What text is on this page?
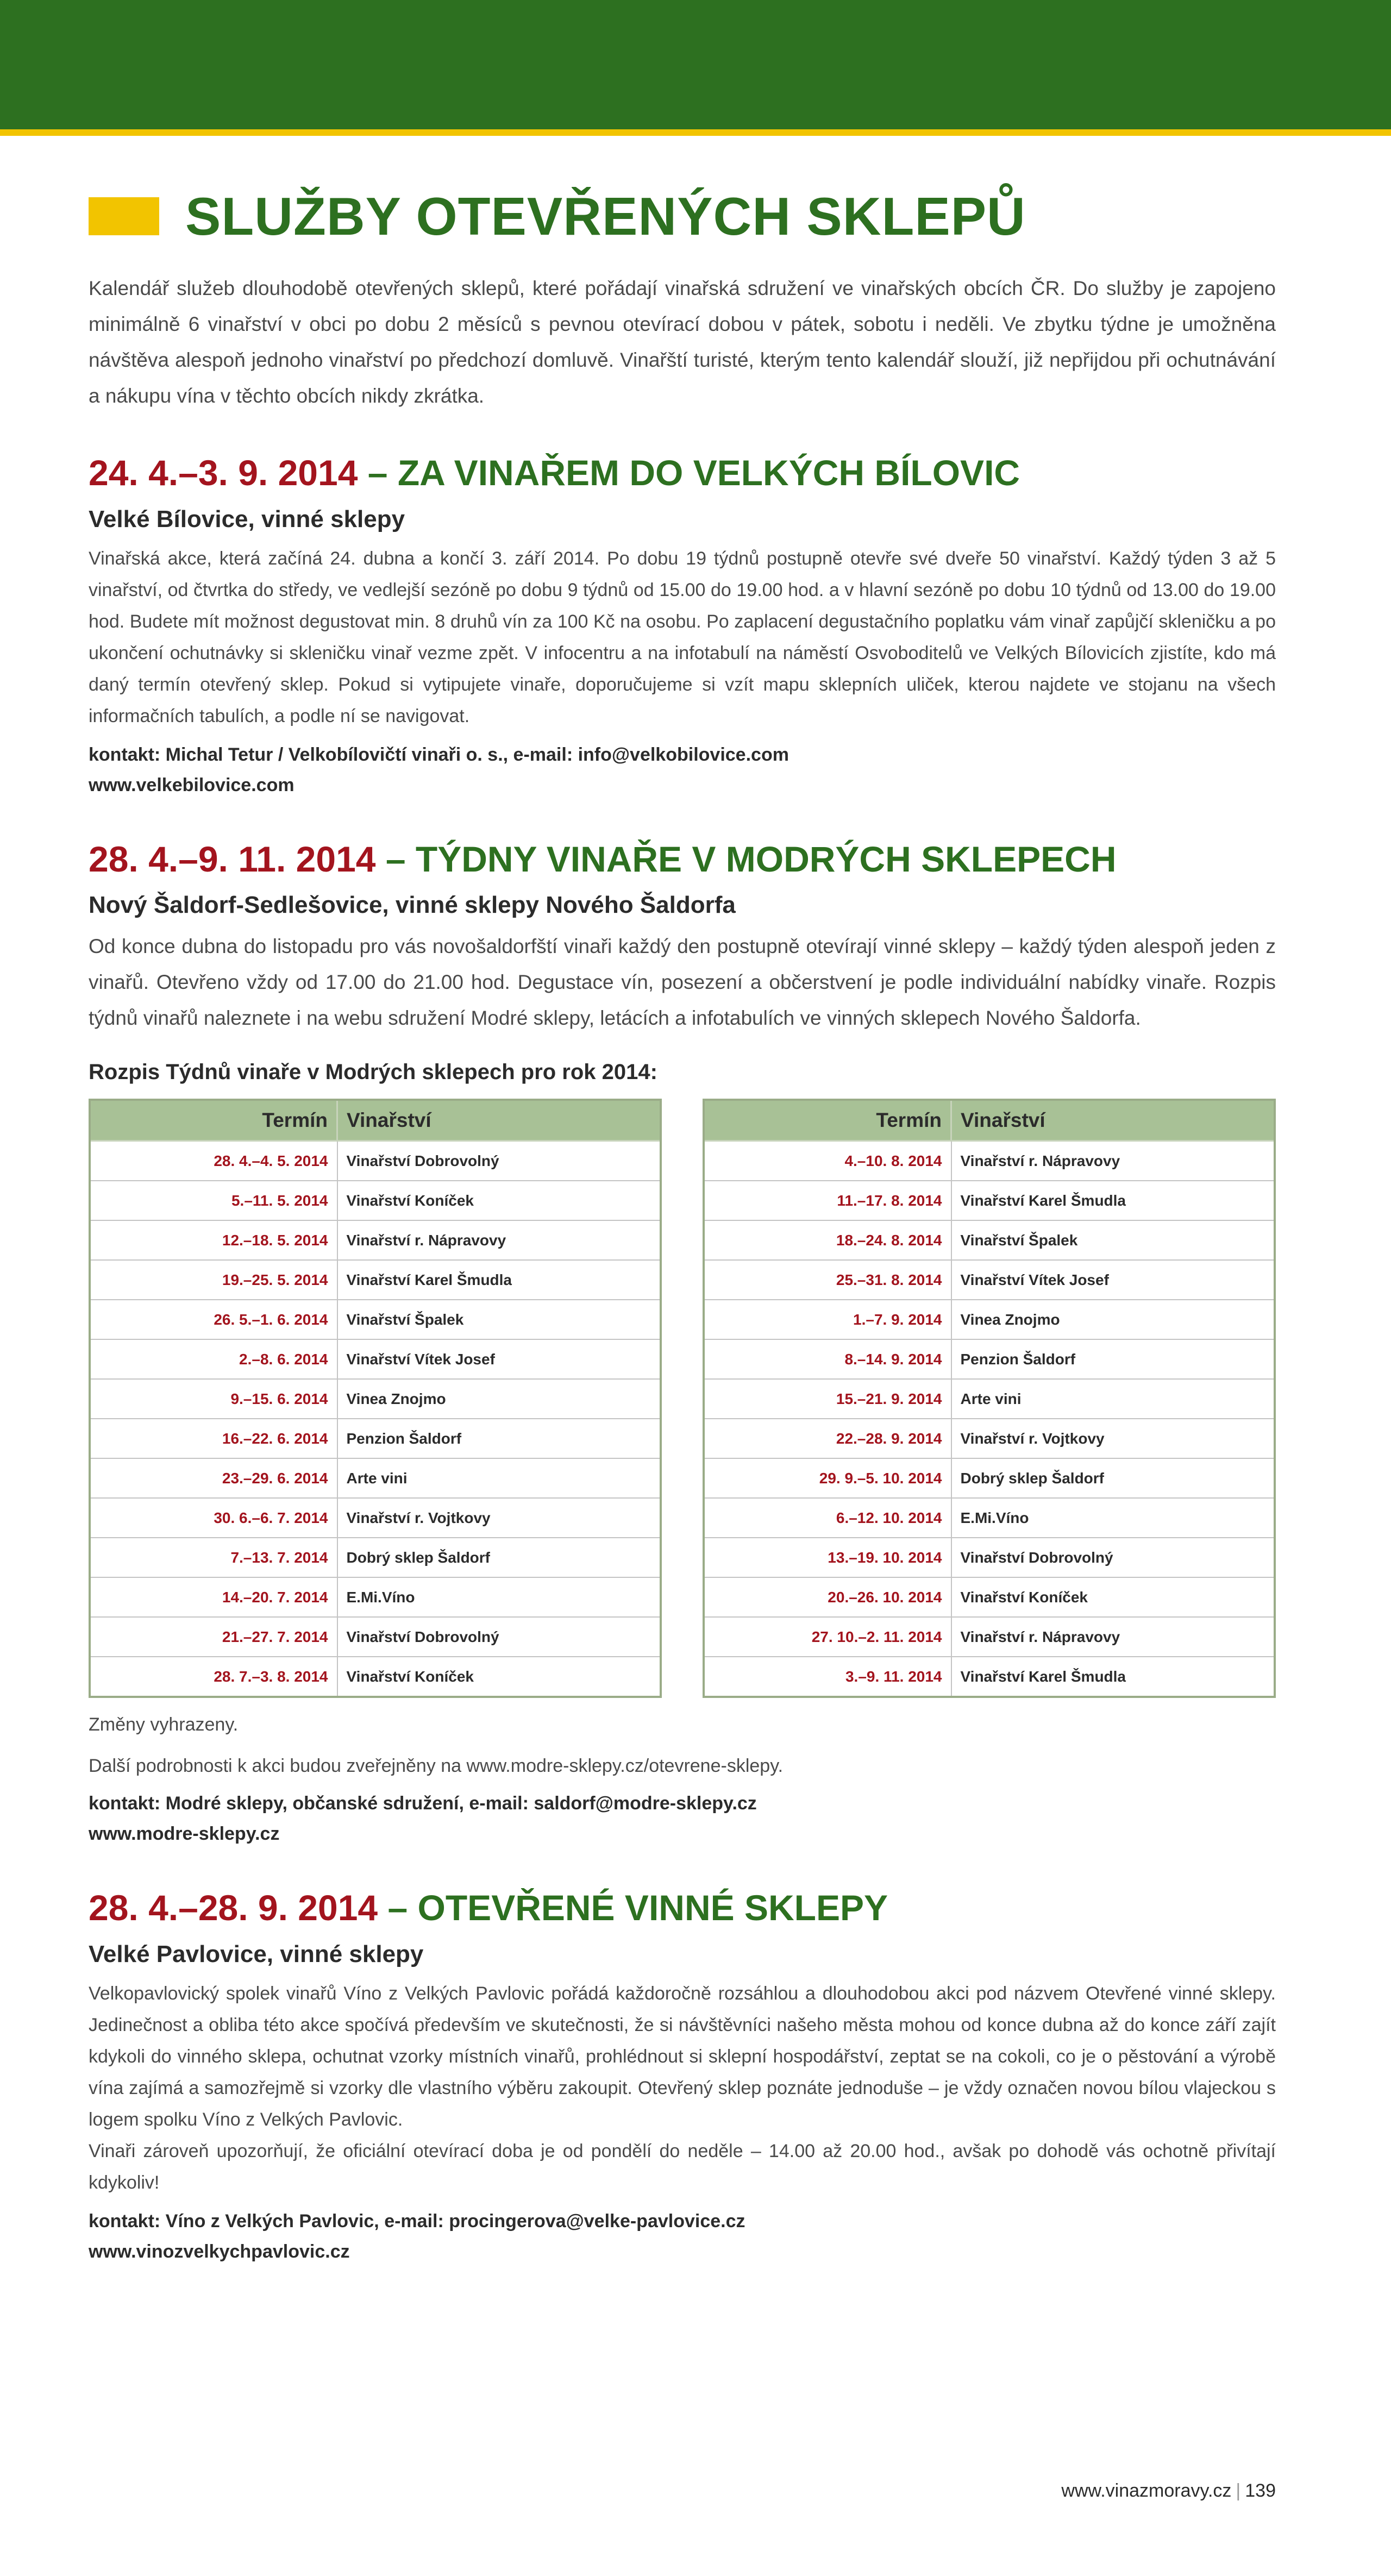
SLUŽBY OTEVŘENÝCH SKLEPŮ

Kalendář služeb dlouhodobě otevřených sklepů, které pořádají vinařská sdružení ve vinařských obcích ČR. Do služby je zapojeno minimálně 6 vinařství v obci po dobu 2 měsíců s pevnou otevírací dobou v pátek, sobotu i neděli. Ve zbytku týdne je umožněna návštěva alespoň jednoho vinařství po předchozí domluvě. Vinařští turisté, kterým tento kalendář slouží, již nepřijdou při ochutnávání a nákupu vína v těchto obcích nikdy zkrátka.

24. 4.–3. 9. 2014 – ZA VINAŘEM DO VELKÝCH BÍLOVIC
Velké Bílovice, vinné sklepy

Vinařská akce, která začíná 24. dubna a končí 3. září 2014. Po dobu 19 týdnů postupně otevře své dveře 50 vinařství. Každý týden 3 až 5 vinařství, od čtvrtka do středy, ve vedlejší sezóně po dobu 9 týdnů od 15.00 do 19.00 hod. a v hlavní sezóně po dobu 10 týdnů od 13.00 do 19.00 hod. Budete mít možnost degustovat min. 8 druhů vín za 100 Kč na osobu. Po zaplacení degustačního poplatku vám vinař zapůjčí skleničku a po ukončení ochutnávky si skleničku vinař vezme zpět. V infocentru a na infotabulí na náměstí Osvoboditelů ve Velkých Bílovicích zjistíte, kdo má daný termín otevřený sklep. Pokud si vytipujete vinaře, doporučujeme si vzít mapu sklepních uliček, kterou najdete ve stojanu na všech informačních tabulích, a podle ní se navigovat.

kontakt: Michal Tetur / Velkobílovičtí vinaři o. s., e-mail: info@velkobilovice.com
www.velkebilovice.com
28. 4.–9. 11. 2014 – TÝDNY VINAŘE V MODRÝCH SKLEPECH
Nový Šaldorf-Sedlešovice, vinné sklepy Nového Šaldorfa

Od konce dubna do listopadu pro vás novošaldorfští vinaři každý den postupně otevírají vinné sklepy – každý týden alespoň jeden z vinařů. Otevřeno vždy od 17.00 do 21.00 hod. Degustace vín, posezení a občerstvení je podle individuální nabídky vinaře. Rozpis týdnů vinařů naleznete i na webu sdružení Modré sklepy, letácích a infotabulích ve vinných sklepech Nového Šaldorfa.

Rozpis Týdnů vinaře v Modrých sklepech pro rok 2014:
Termín	Vinařství
28. 4.–4. 5. 2014	Vinařství Dobrovolný
5.–11. 5. 2014	Vinařství Koníček
12.–18. 5. 2014	Vinařství r. Nápravovy
19.–25. 5. 2014	Vinařství Karel Šmudla
26. 5.–1. 6. 2014	Vinařství Špalek
2.–8. 6. 2014	Vinařství Vítek Josef
9.–15. 6. 2014	Vinea Znojmo
16.–22. 6. 2014	Penzion Šaldorf
23.–29. 6. 2014	Arte vini
30. 6.–6. 7. 2014	Vinařství r. Vojtkovy
7.–13. 7. 2014	Dobrý sklep Šaldorf
14.–20. 7. 2014	E.Mi.Víno
21.–27. 7. 2014	Vinařství Dobrovolný
28. 7.–3. 8. 2014	Vinařství Koníček
Termín	Vinařství
4.–10. 8. 2014	Vinařství r. Nápravovy
11.–17. 8. 2014	Vinařství Karel Šmudla
18.–24. 8. 2014	Vinařství Špalek
25.–31. 8. 2014	Vinařství Vítek Josef
1.–7. 9. 2014	Vinea Znojmo
8.–14. 9. 2014	Penzion Šaldorf
15.–21. 9. 2014	Arte vini
22.–28. 9. 2014	Vinařství r. Vojtkovy
29. 9.–5. 10. 2014	Dobrý sklep Šaldorf
6.–12. 10. 2014	E.Mi.Víno
13.–19. 10. 2014	Vinařství Dobrovolný
20.–26. 10. 2014	Vinařství Koníček
27. 10.–2. 11. 2014	Vinařství r. Nápravovy
3.–9. 11. 2014	Vinařství Karel Šmudla
Změny vyhrazeny.
Další podrobnosti k akci budou zveřejněny na www.modre-sklepy.cz/otevrene-sklepy.
kontakt: Modré sklepy, občanské sdružení, e-mail: saldorf@modre-sklepy.cz
www.modre-sklepy.cz
28. 4.–28. 9. 2014 – OTEVŘENÉ VINNÉ SKLEPY
Velké Pavlovice, vinné sklepy

Velkopavlovický spolek vinařů Víno z Velkých Pavlovic pořádá každoročně rozsáhlou a dlouhodobou akci pod názvem Otevřené vinné sklepy. Jedinečnost a obliba této akce spočívá především ve skutečnosti, že si návštěvníci našeho města mohou od konce dubna až do konce září zajít kdykoli do vinného sklepa, ochutnat vzorky místních vinařů, prohlédnout si sklepní hospodářství, zeptat se na cokoli, co je o pěstování a výrobě vína zajímá a samozřejmě si vzorky dle vlastního výběru zakoupit. Otevřený sklep poznáte jednoduše – je vždy označen novou bílou vlajeckou s logem spolku Víno z Velkých Pavlovic.

Vinaři zároveň upozorňují, že oficiální otevírací doba je od pondělí do neděle – 14.00 až 20.00 hod., avšak po dohodě vás ochotně přivítají kdykoliv!

kontakt: Víno z Velkých Pavlovic, e-mail: procingerova@velke-pavlovice.cz
www.vinozvelkychpavlovic.cz
www.vinazmoravy.cz | 139
